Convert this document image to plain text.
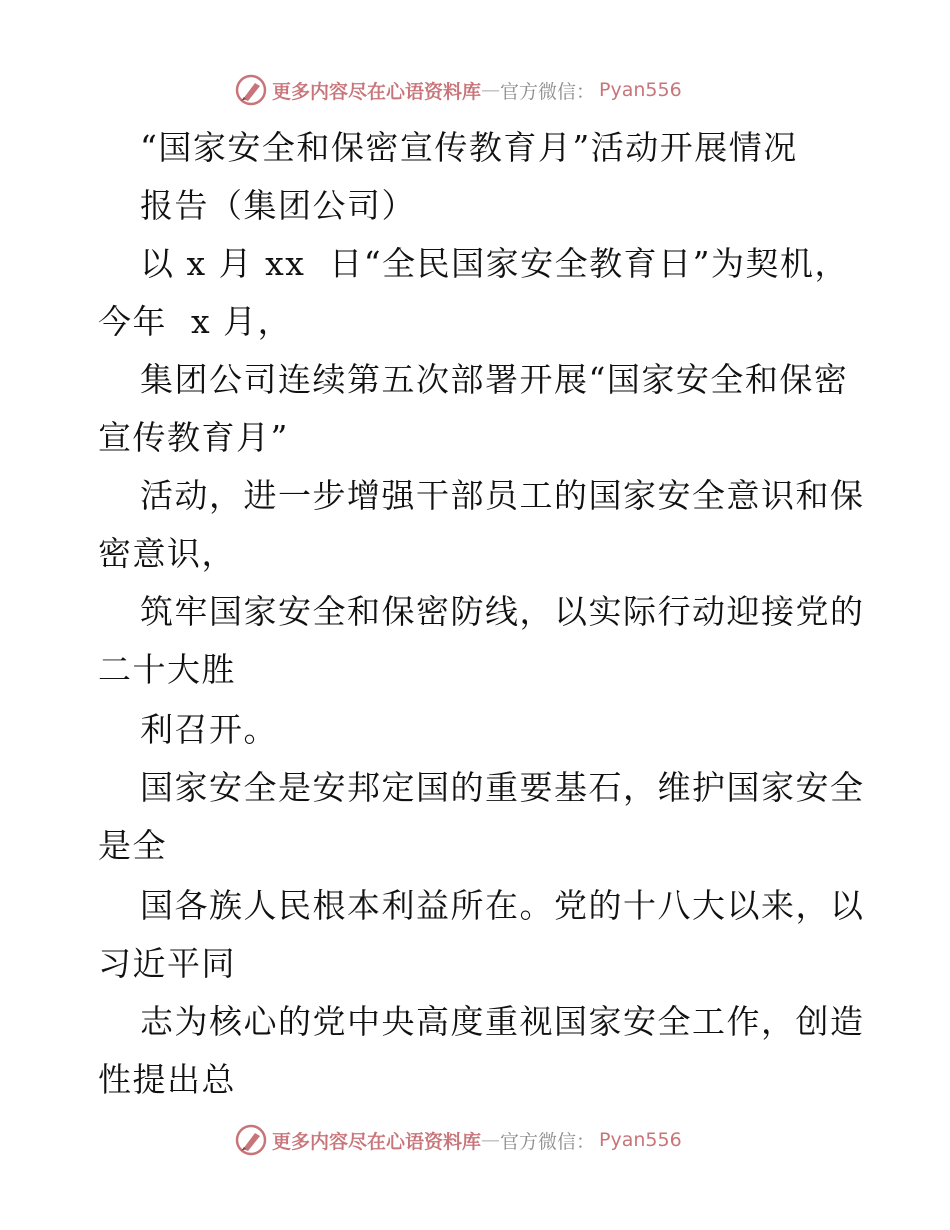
更多内容尽在心语资料库 — 官方微信： Pyan556
“国家安全和保密宣传教育月”活动开展情况
报告（集团公司）
以 x 月 xx  日“全民国家安全教育日”为契机，
今年  x 月，
集团公司连续第五次部署开展“国家安全和保密
宣传教育月”
活动，进一步增强干部员工的国家安全意识和保
密意识，
筑牢国家安全和保密防线，以实际行动迎接党的
二十大胜
利召开。
国家安全是安邦定国的重要基石，维护国家安全
是全
国各族人民根本利益所在。党的十八大以来，以
习近平同
志为核心的党中央高度重视国家安全工作，创造
性提出总
更多内容尽在心语资料库 — 官方微信： Pyan556
